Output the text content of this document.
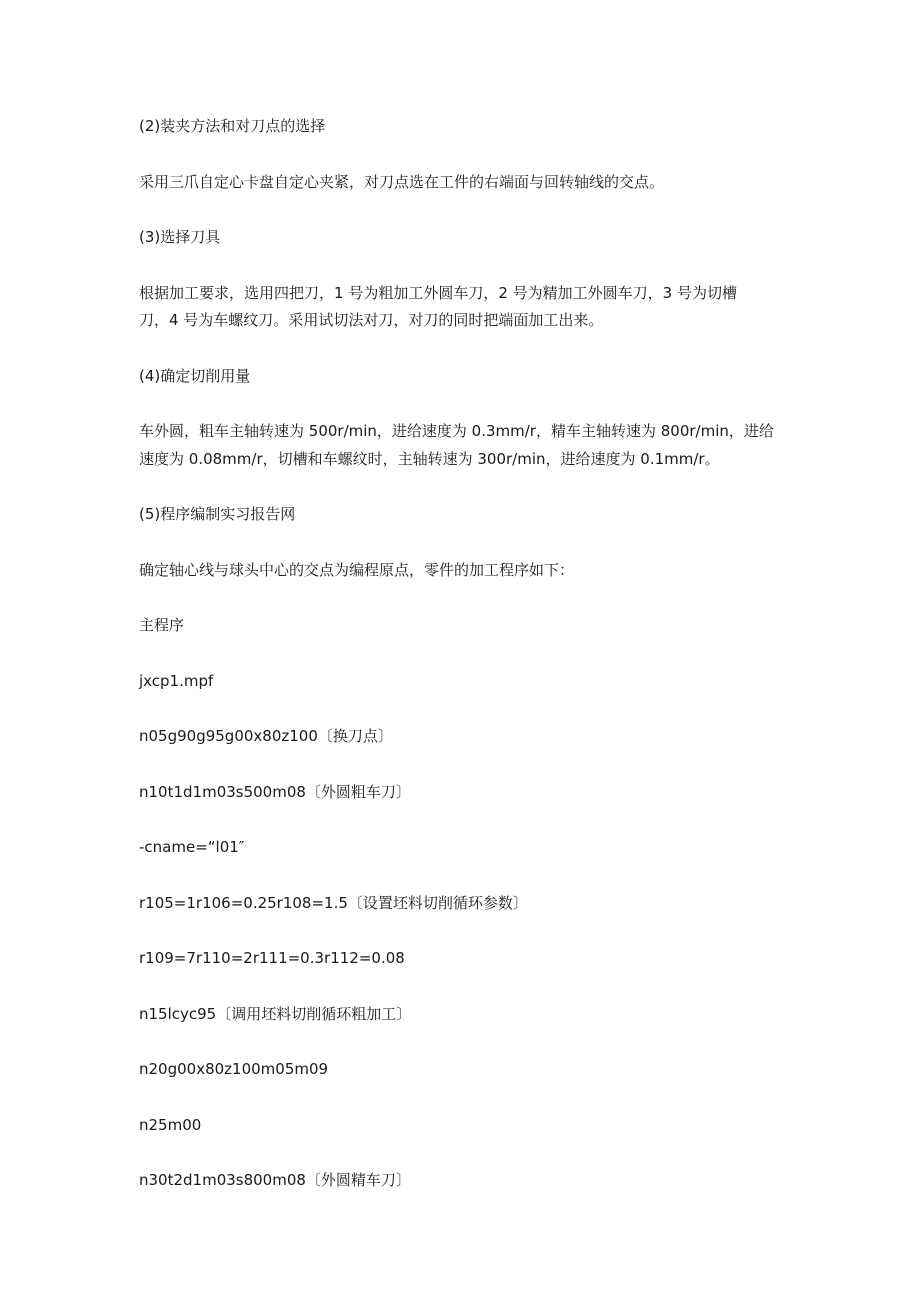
(2)装夹方法和对刀点的选择
采用三爪自定心卡盘自定心夹紧，对刀点选在工件的右端面与回转轴线的交点。
(3)选择刀具
根据加工要求，选用四把刀，1 号为粗加工外圆车刀，2 号为精加工外圆车刀，3 号为切槽
刀，4 号为车螺纹刀。采用试切法对刀，对刀的同时把端面加工出来。
(4)确定切削用量
车外圆，粗车主轴转速为 500r/min，进给速度为 0.3mm/r，精车主轴转速为 800r/min，进给
速度为 0.08mm/r，切槽和车螺纹时，主轴转速为 300r/min，进给速度为 0.1mm/r。
(5)程序编制实习报告网
确定轴心线与球头中心的交点为编程原点，零件的加工程序如下：
主程序
jxcp1.mpf
n05g90g95g00x80z100〔换刀点〕
n10t1d1m03s500m08〔外圆粗车刀〕
-cname=“l01″
r105=1r106=0.25r108=1.5〔设置坯料切削循环参数〕
r109=7r110=2r111=0.3r112=0.08
n15lcyc95〔调用坯料切削循环粗加工〕
n20g00x80z100m05m09
n25m00
n30t2d1m03s800m08〔外圆精车刀〕
